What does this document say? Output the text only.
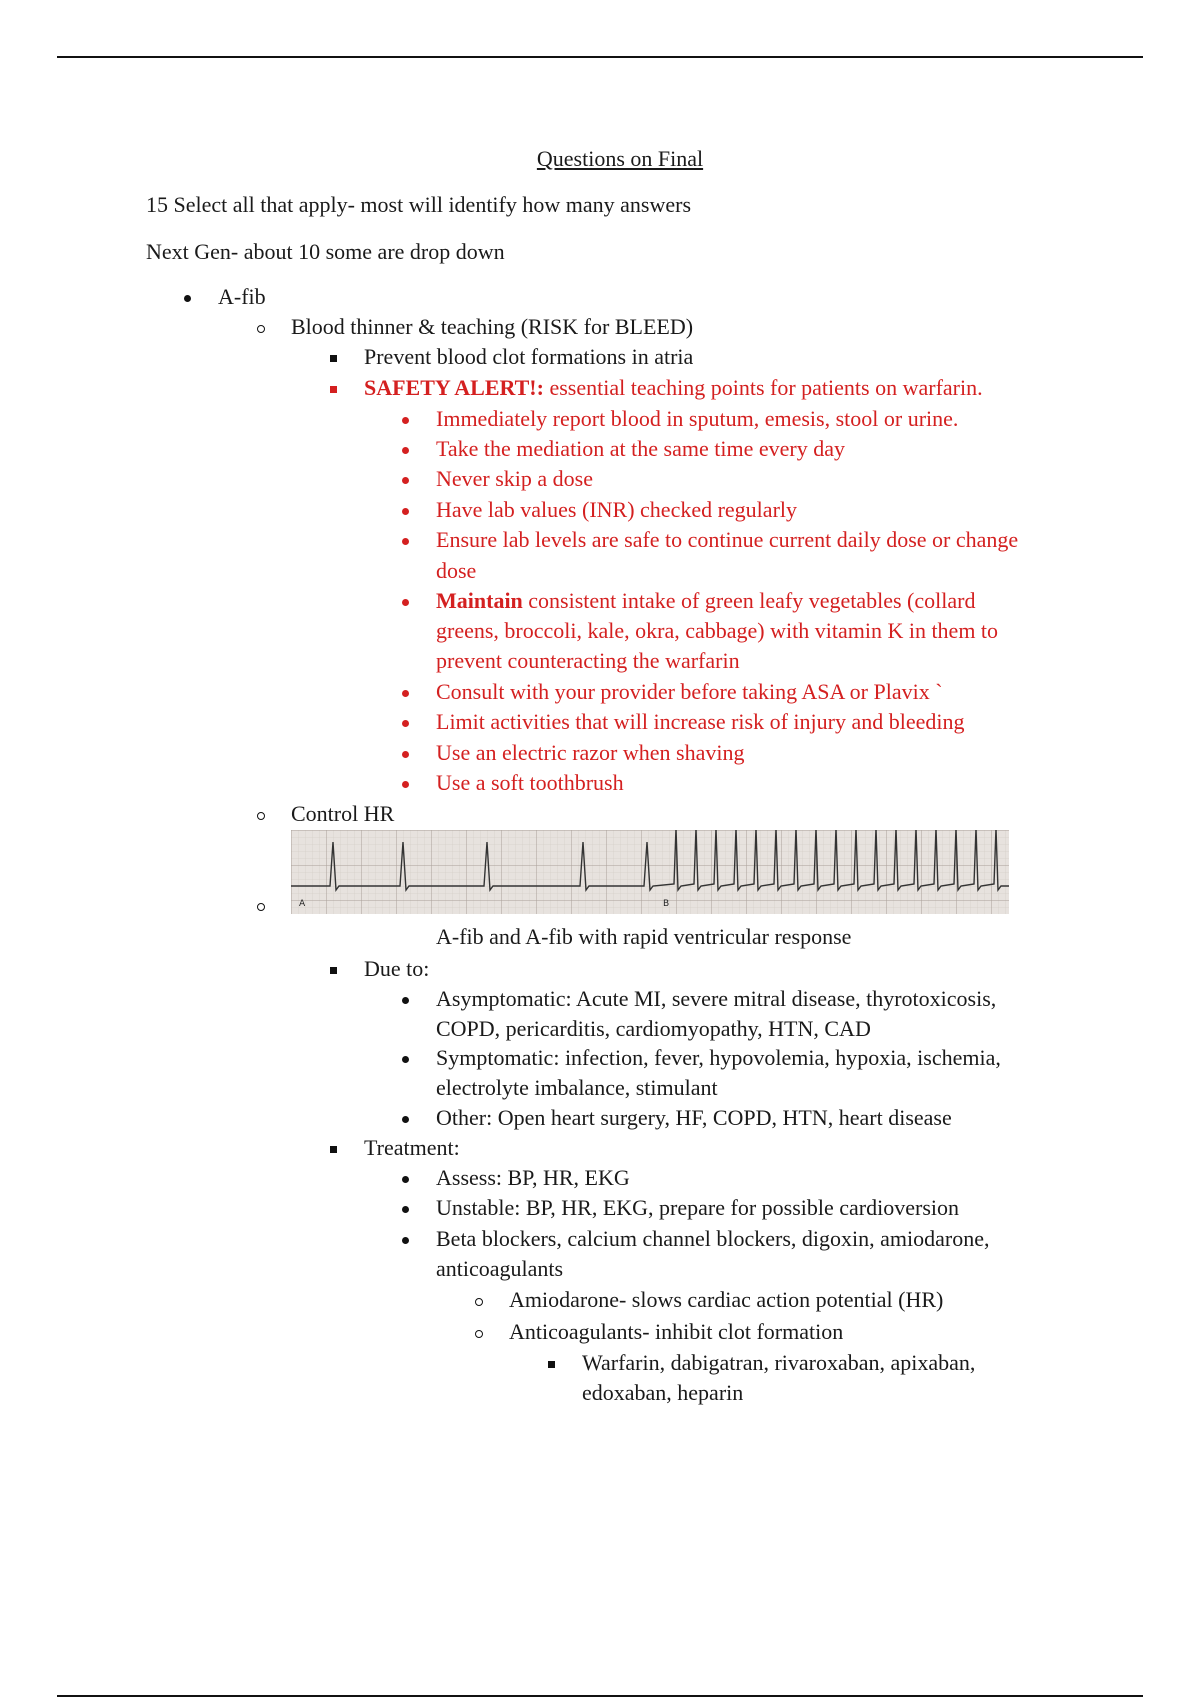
Questions on Final
15 Select all that apply- most will identify how many answers
Next Gen- about 10 some are drop down
A-fib
Blood thinner & teaching (RISK for BLEED)
Prevent blood clot formations in atria
SAFETY ALERT!: essential teaching points for patients on warfarin.
Immediately report blood in sputum, emesis, stool or urine.
Take the mediation at the same time every day
Never skip a dose
Have lab values (INR) checked regularly
Ensure lab levels are safe to continue current daily dose or change
dose
Maintain consistent intake of green leafy vegetables (collard
greens, broccoli, kale, okra, cabbage) with vitamin K in them to
prevent counteracting the warfarin
Consult with your provider before taking ASA or Plavix `
Limit activities that will increase risk of injury and bleeding
Use an electric razor when shaving
Use a soft toothbrush
Control HR
A	B
A-fib and A-fib with rapid ventricular response
Due to:
Asymptomatic: Acute MI, severe mitral disease, thyrotoxicosis,
COPD, pericarditis, cardiomyopathy, HTN, CAD
Symptomatic: infection, fever, hypovolemia, hypoxia, ischemia,
electrolyte imbalance, stimulant
Other: Open heart surgery, HF, COPD, HTN, heart disease
Treatment:
Assess: BP, HR, EKG
Unstable: BP, HR, EKG, prepare for possible cardioversion
Beta blockers, calcium channel blockers, digoxin, amiodarone,
anticoagulants
Amiodarone- slows cardiac action potential (HR)
Anticoagulants- inhibit clot formation
Warfarin, dabigatran, rivaroxaban, apixaban,
edoxaban, heparin
